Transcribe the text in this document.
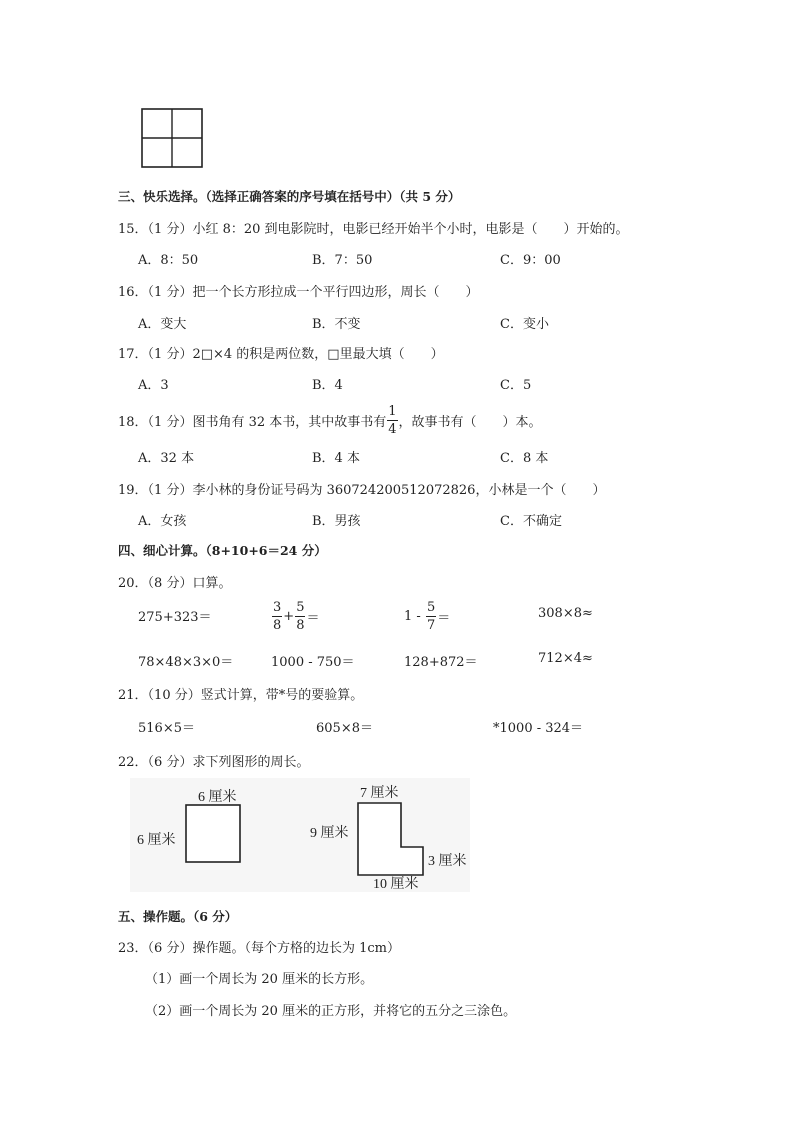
三、快乐选择。（选择正确答案的序号填在括号中）（共 5 分）
15．（1 分）小红 8：20 到电影院时，电影已经开始半个小时，电影是（　　）开始的。
A．8：50	B．7：50	C．9：00
16．（1 分）把一个长方形拉成一个平行四边形，周长（　　）
A．变大	B．不变	C．变小
17．（1 分）2□×4 的积是两位数，□里最大填（　　）
A．3	B．4	C．5
18．（1 分）图书角有 32 本书，其中故事书有 $\frac{1}{4}$ ，故事书有（　　）本。
A．32 本	B．4 本	C．8 本
19．（1 分）李小林的身份证号码为 360724200512072826，小林是一个（　　）
A．女孩	B．男孩	C．不确定
四、细心计算。（8+10+6＝24 分）
20．（8 分）口算。
275+323＝	$\frac{3}{8} + \frac{5}{8}$ ＝	$1 - \frac{5}{7}$ ＝	308×8≈
78×48×3×0＝	1000 - 750＝	128+872＝	712×4≈
21．（10 分）竖式计算，带*号的要验算。
516×5＝	605×8＝	*1000 - 324＝
22．（6 分）求下列图形的周长。
6 厘米
6 厘米
7 厘米
9 厘米
3 厘米
10 厘米
五、操作题。（6 分）
23．（6 分）操作题。（每个方格的边长为 1cm）
（1）画一个周长为 20 厘米的长方形。
（2）画一个周长为 20 厘米的正方形，并将它的五分之三涂色。
